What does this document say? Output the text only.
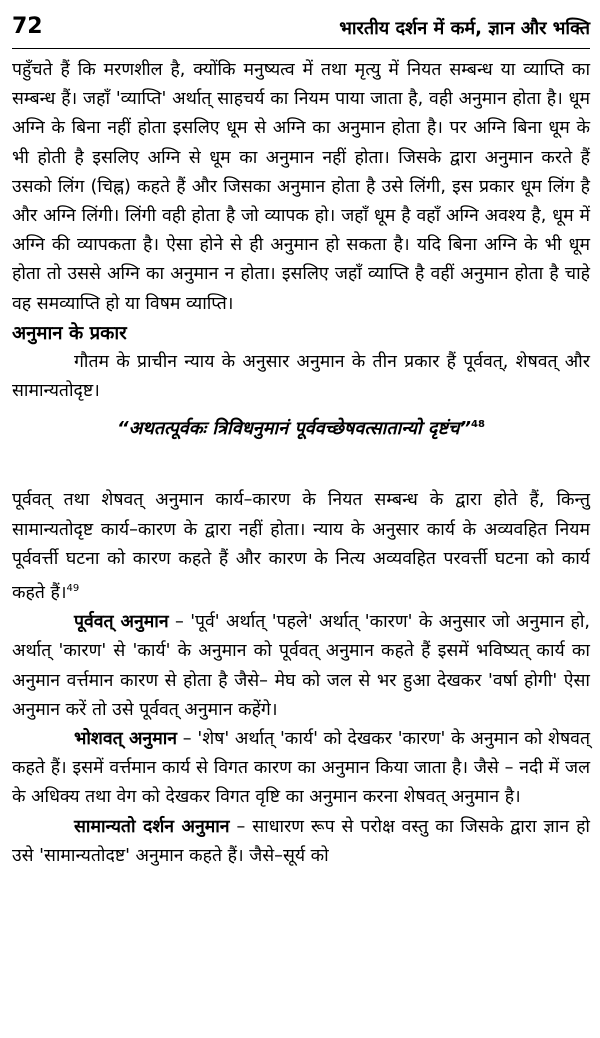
72	भारतीय दर्शन में कर्म, ज्ञान और भक्ति

पहुँचते हैं कि मरणशील है, क्योंकि मनुष्यत्व में तथा मृत्यु में नियत सम्बन्ध या व्याप्ति का सम्बन्ध हैं। जहाँ 'व्याप्ति' अर्थात् साहचर्य का नियम पाया जाता है, वही अनुमान होता है। धूम अग्नि के बिना नहीं होता इसलिए धूम से अग्नि का अनुमान होता है। पर अग्नि बिना धूम के भी होती है इसलिए अग्नि से धूम का अनुमान नहीं होता। जिसके द्वारा अनुमान करते हैं उसको लिंग (चिह्न) कहते हैं और जिसका अनुमान होता है उसे लिंगी, इस प्रकार धूम लिंग है और अग्नि लिंगी। लिंगी वही होता है जो व्यापक हो। जहाँ धूम है वहाँ अग्नि अवश्य है, धूम में अग्नि की व्यापकता है। ऐसा होने से ही अनुमान हो सकता है। यदि बिना अग्नि के भी धूम होता तो उससे अग्नि का अनुमान न होता। इसलिए जहाँ व्याप्ति है वहीं अनुमान होता है चाहे वह समव्याप्ति हो या विषम व्याप्ति।

अनुमान के प्रकार

गौतम के प्राचीन न्याय के अनुसार अनुमान के तीन प्रकार हैं पूर्ववत्, शेषवत् और सामान्यतोदृष्ट।

“अथतत्पूर्वकः त्रिविधनुमानं पूर्ववच्छेषवत्सातान्यो दृष्टंच”$^{48}$

पूर्ववत् तथा शेषवत् अनुमान कार्य–कारण के नियत सम्बन्ध के द्वारा होते हैं, किन्तु सामान्यतोदृष्ट कार्य–कारण के द्वारा नहीं होता। न्याय के अनुसार कार्य के अव्यवहित नियम पूर्ववर्त्ती घटना को कारण कहते हैं और कारण के नित्य अव्यवहित परवर्त्ती घटना को कार्य कहते हैं।$^{49}$

पूर्ववत् अनुमान – 'पूर्व' अर्थात् 'पहले' अर्थात् 'कारण' के अनुसार जो अनुमान हो, अर्थात् 'कारण' से 'कार्य' के अनुमान को पूर्ववत् अनुमान कहते हैं इसमें भविष्यत् कार्य का अनुमान वर्त्तमान कारण से होता है जैसे– मेघ को जल से भर हुआ देखकर 'वर्षा होगी' ऐसा अनुमान करें तो उसे पूर्ववत् अनुमान कहेंगे।

भोशवत् अनुमान – 'शेष' अर्थात् 'कार्य' को देखकर 'कारण' के अनुमान को शेषवत् कहते हैं। इसमें वर्त्तमान कार्य से विगत कारण का अनुमान किया जाता है। जैसे – नदी में जल के अधिक्य तथा वेग को देखकर विगत वृष्टि का अनुमान करना शेषवत् अनुमान है।

सामान्यतो दर्शन अनुमान – साधारण रूप से परोक्ष वस्तु का जिसके द्वारा ज्ञान हो उसे 'सामान्यतोदष्ट' अनुमान कहते हैं। जैसे–सूर्य को
